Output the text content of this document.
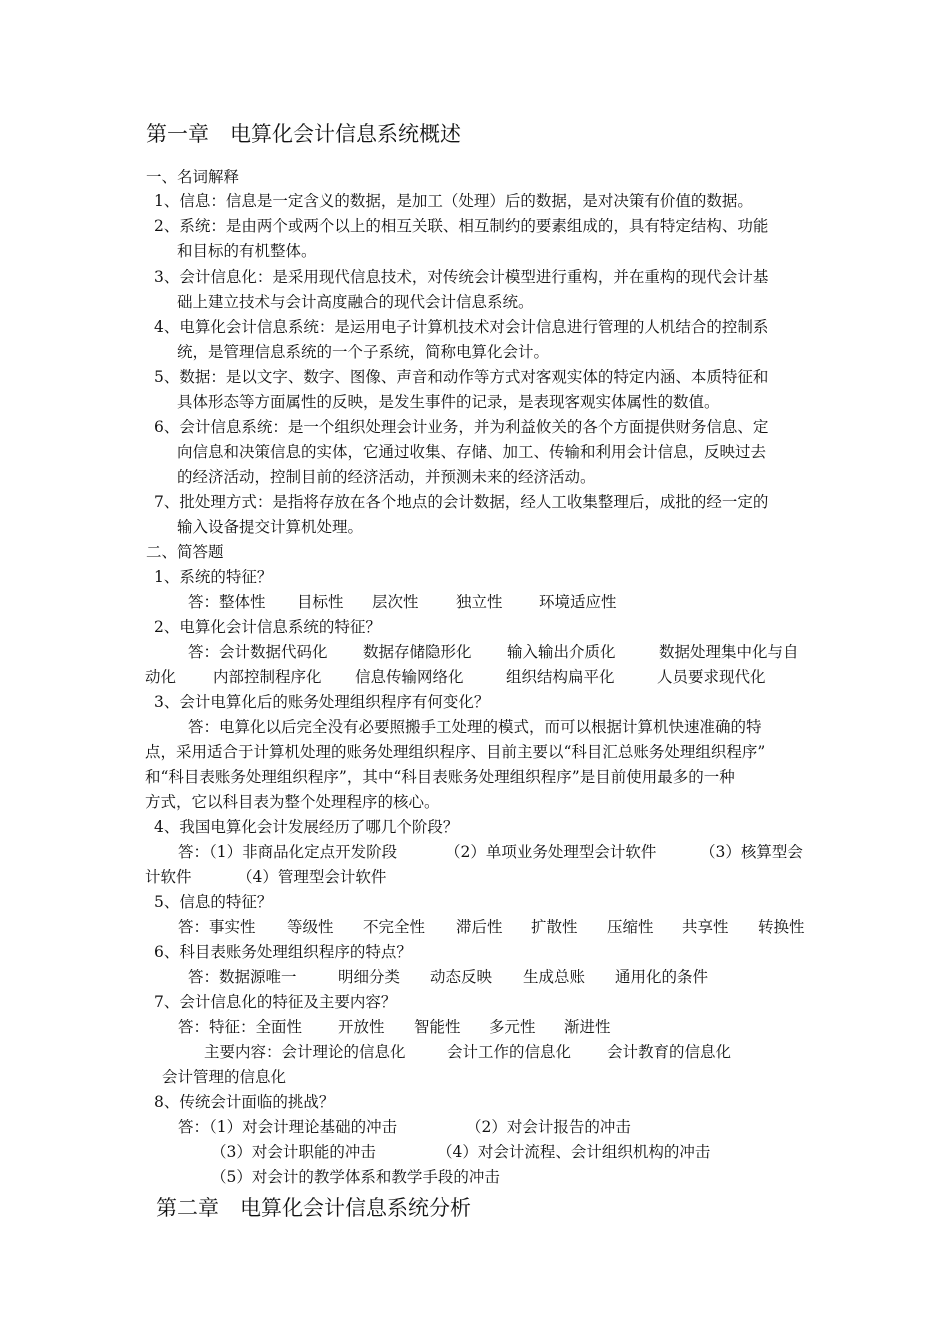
第一章　电算化会计信息系统概述
一、名词解释
1、信息：信息是一定含义的数据，是加工（处理）后的数据，是对决策有价值的数据。
2、系统：是由两个或两个以上的相互关联、相互制约的要素组成的，具有特定结构、功能
和目标的有机整体。
3、会计信息化：是采用现代信息技术，对传统会计模型进行重构，并在重构的现代会计基
础上建立技术与会计高度融合的现代会计信息系统。
4、电算化会计信息系统：是运用电子计算机技术对会计信息进行管理的人机结合的控制系
统，是管理信息系统的一个子系统，简称电算化会计。
5、数据：是以文字、数字、图像、声音和动作等方式对客观实体的特定内涵、本质特征和
具体形态等方面属性的反映，是发生事件的记录，是表现客观实体属性的数值。
6、会计信息系统：是一个组织处理会计业务，并为利益攸关的各个方面提供财务信息、定
向信息和决策信息的实体，它通过收集、存储、加工、传输和利用会计信息，反映过去
的经济活动，控制目前的经济活动，并预测未来的经济活动。
7、批处理方式：是指将存放在各个地点的会计数据，经人工收集整理后，成批的经一定的
输入设备提交计算机处理。
二、简答题
1、系统的特征？
答：整体性 目标性 层次性 独立性 环境适应性
2、电算化会计信息系统的特征？
答：会计数据代码化 数据存储隐形化 输入输出介质化	数据处理集中化与自
动化 内部控制程序化 信息传输网络化	组织结构扁平化	人员要求现代化
3、会计电算化后的账务处理组织程序有何变化？
答：电算化以后完全没有必要照搬手工处理的模式，而可以根据计算机快速准确的特
点，采用适合于计算机处理的账务处理组织程序、目前主要以“科目汇总账务处理组织程序”
和“科目表账务处理组织程序”，其中“科目表账务处理组织程序”是目前使用最多的一种
方式，它以科目表为整个处理程序的核心。
4、我国电算化会计发展经历了哪几个阶段？
答：（1）非商品化定点开发阶段	（2）单项业务处理型会计软件	（3）核算型会
计软件	（4）管理型会计软件
5、信息的特征？
答：事实性 等级性 不完全性 滞后性 扩散性 压缩性 共享性 转换性
6、科目表账务处理组织程序的特点？
答：数据源唯一	明细分类 动态反映 生成总账 通用化的条件
7、会计信息化的特征及主要内容？
答：特征：全面性 开放性 智能性 多元性 渐进性
主要内容：会计理论的信息化	会计工作的信息化 会计教育的信息化
会计管理的信息化
8、传统会计面临的挑战？
答：（1）对会计理论基础的冲击	（2）对会计报告的冲击
（3）对会计职能的冲击	（4）对会计流程、会计组织机构的冲击
（5）对会计的教学体系和教学手段的冲击
第二章　电算化会计信息系统分析
